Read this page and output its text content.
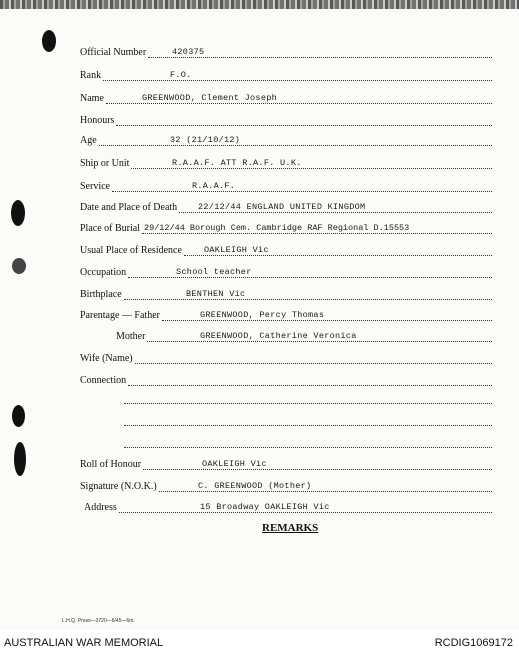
Official Number	420375
Rank	F.O.
Name	GREENWOOD, Clement Joseph
Honours
Age	32 (21/10/12)
Ship or Unit	R.A.A.F. ATT R.A.F. U.K.
Service	R.A.A.F.
Date and Place of Death 22/12/44 ENGLAND UNITED KINGDOM
Place of Burial 29/12/44 Borough Cem. Cambridge RAF Regional D.15553
Usual Place of Residence	OAKLEIGH Vic
Occupation	School teacher
Birthplace	BENTHEN Vic
Parentage — Father	GREENWOOD, Percy Thomas
Mother	GREENWOOD, Catherine Veronica
Wife (Name)
Connection
Roll of Honour	OAKLEIGH Vic
Signature (N.O.K.)	C. GREENWOOD (Mother)
Address	15 Broadway OAKLEIGH Vic
REMARKS
L.H.Q. Press—3720—6/45—6m.
AUSTRALIAN WAR MEMORIAL	RCDIG1069172
